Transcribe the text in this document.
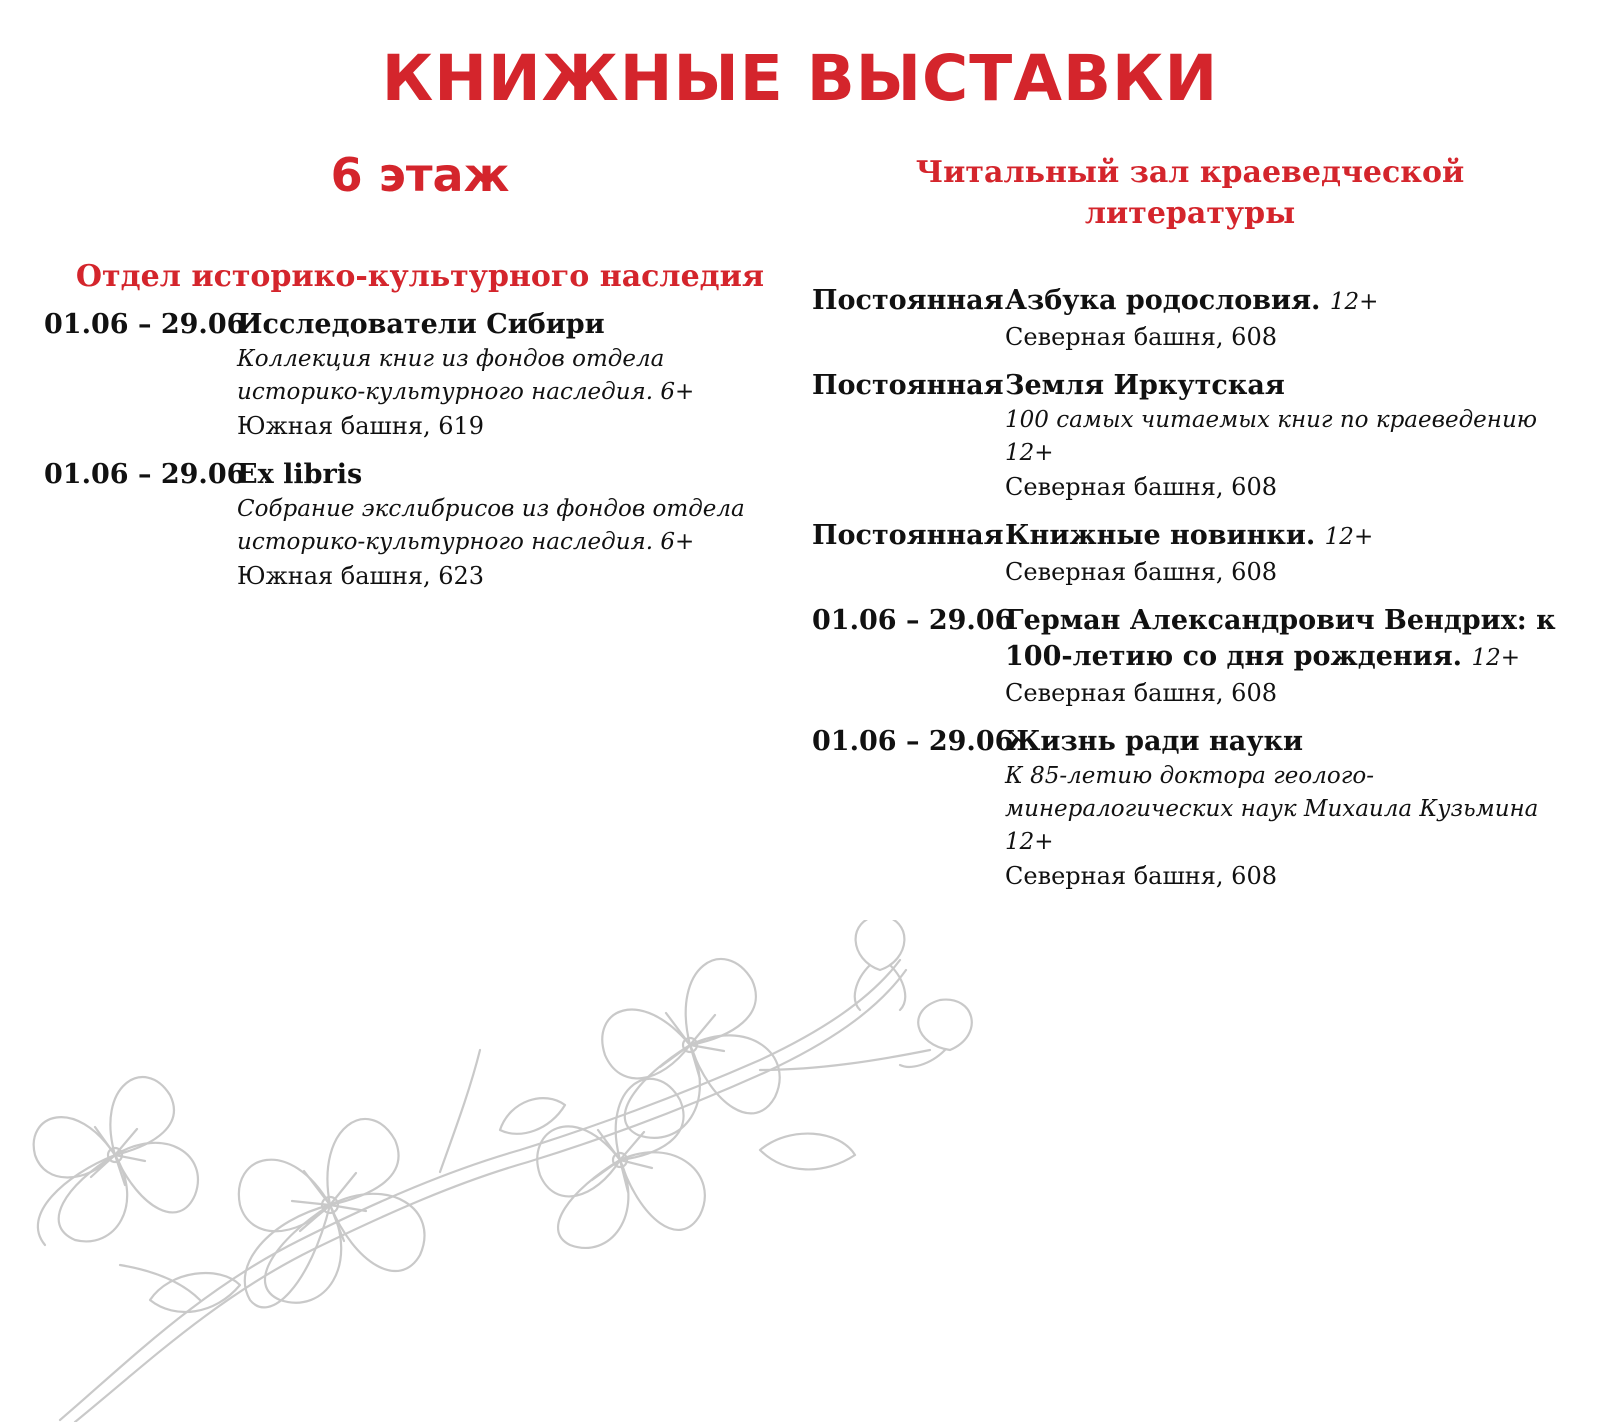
КНИЖНЫЕ ВЫСТАВКИ
6 этаж	Читальный зал краеведческой литературы
Отдел историко-культурного наследия
01.06 – 29.06
Исследователи Сибири
Коллекция книг из фондов отдела историко-культурного наследия. 6+
Южная башня, 619
01.06 – 29.06
Ex libris
Собрание экслибрисов из фондов отдела историко-культурного наследия. 6+
Южная башня, 623
Постоянная Азбука родословия. 12+
Северная башня, 608
Постоянная Земля Иркутская
100 самых читаемых книг по краеведению 12+
Северная башня, 608
Постоянная Книжные новинки. 12+
Северная башня, 608
01.06 – 29.06
Герман Александрович Вендрих: к 100-летию со дня рождения. 12+
Северная башня, 608
01.06 – 29.06
Жизнь ради науки
К 85-летию доктора геолого-минералогических наук Михаила Кузьмина 12+
Северная башня, 608
